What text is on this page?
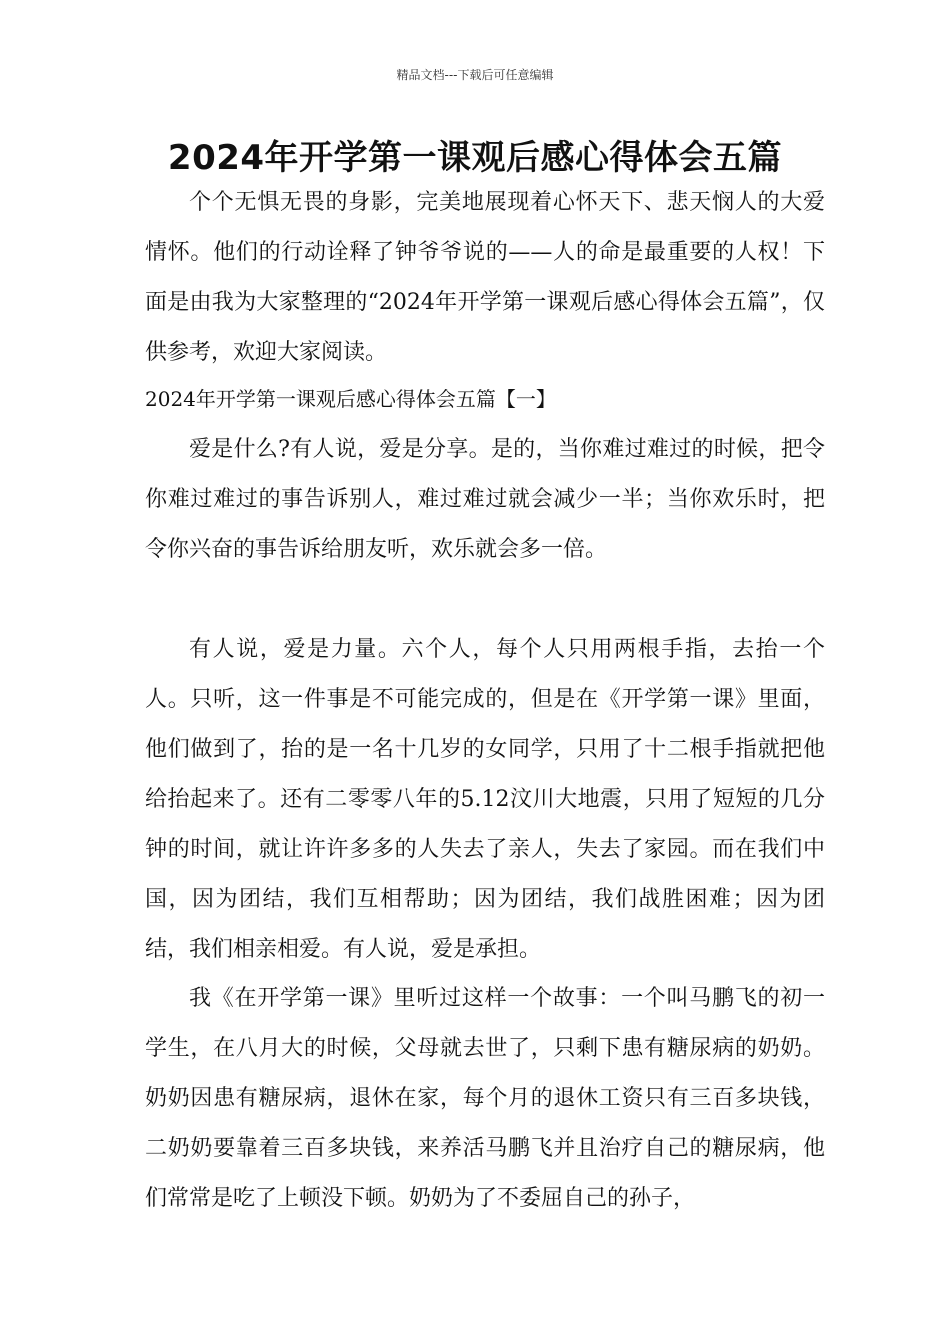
精品文档---下载后可任意编辑
2024年开学第一课观后感心得体会五篇

个个无惧无畏的身影，完美地展现着心怀天下、悲天悯人的大爱情怀。他们的行动诠释了钟爷爷说的——人的命是最重要的人权！下面是由我为大家整理的“2024年开学第一课观后感心得体会五篇”，仅供参考，欢迎大家阅读。

2024年开学第一课观后感心得体会五篇【一】

爱是什么?有人说，爱是分享。是的，当你难过难过的时候，把令你难过难过的事告诉别人，难过难过就会减少一半；当你欢乐时，把令你兴奋的事告诉给朋友听，欢乐就会多一倍。

有人说，爱是力量。六个人，每个人只用两根手指，去抬一个人。只听，这一件事是不可能完成的，但是在《开学第一课》里面，他们做到了，抬的是一名十几岁的女同学，只用了十二根手指就把他给抬起来了。还有二零零八年的5.12汶川大地震，只用了短短的几分钟的时间，就让许许多多的人失去了亲人，失去了家园。而在我们中国，因为团结，我们互相帮助；因为团结，我们战胜困难；因为团结，我们相亲相爱。有人说，爱是承担。

我《在开学第一课》里听过这样一个故事：一个叫马鹏飞的初一学生，在八月大的时候，父母就去世了，只剩下患有糖尿病的奶奶。奶奶因患有糖尿病，退休在家，每个月的退休工资只有三百多块钱，二奶奶要靠着三百多块钱，来养活马鹏飞并且治疗自己的糖尿病，他们常常是吃了上顿没下顿。奶奶为了不委屈自己的孙子，
